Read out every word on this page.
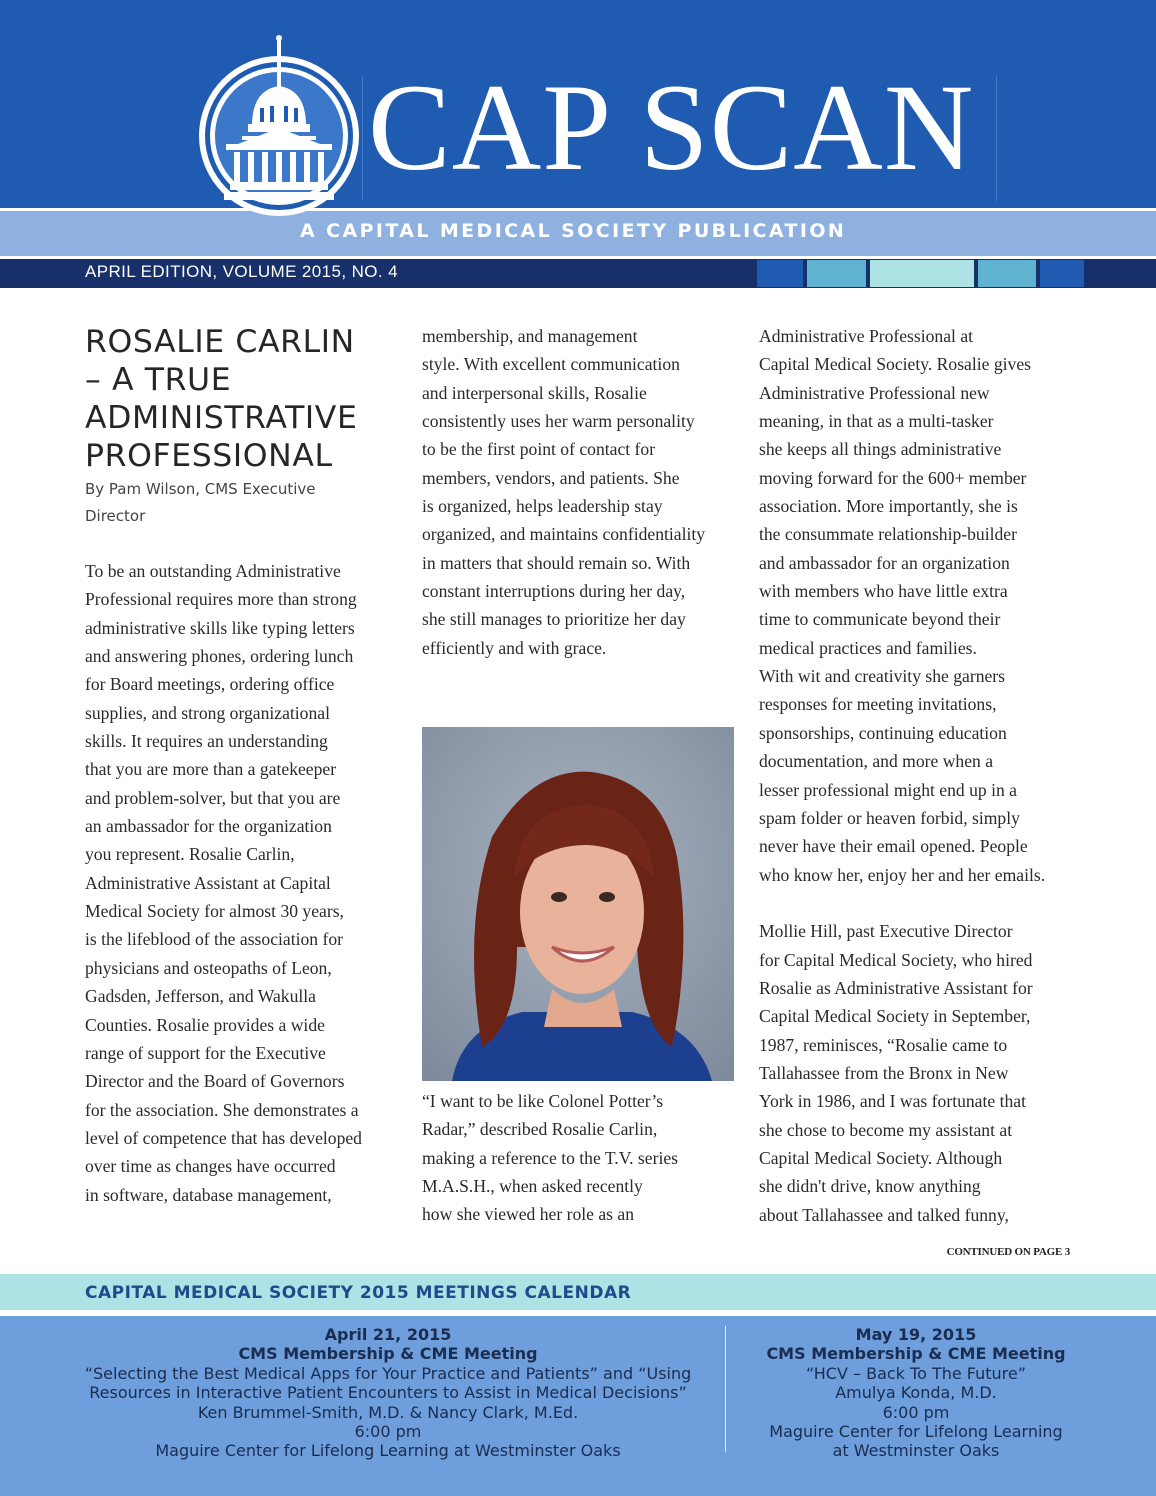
CAP SCAN
A CAPITAL MEDICAL SOCIETY PUBLICATION
APRIL EDITION, VOLUME 2015, NO. 4
ROSALIE CARLIN
– A TRUE
ADMINISTRATIVE
PROFESSIONAL
By Pam Wilson, CMS Executive
Director
To be an outstanding Administrative
Professional requires more than strong
administrative skills like typing letters
and answering phones, ordering lunch
for Board meetings, ordering office
supplies, and strong organizational
skills. It requires an understanding
that you are more than a gatekeeper
and problem-solver, but that you are
an ambassador for the organization
you represent. Rosalie Carlin,
Administrative Assistant at Capital
Medical Society for almost 30 years,
is the lifeblood of the association for
physicians and osteopaths of Leon,
Gadsden, Jefferson, and Wakulla
Counties. Rosalie provides a wide
range of support for the Executive
Director and the Board of Governors
for the association. She demonstrates a
level of competence that has developed
over time as changes have occurred
in software, database management,
membership, and management
style. With excellent communication
and interpersonal skills, Rosalie
consistently uses her warm personality
to be the first point of contact for
members, vendors, and patients. She
is organized, helps leadership stay
organized, and maintains confidentiality
in matters that should remain so. With
constant interruptions during her day,
she still manages to prioritize her day
efficiently and with grace.
“I want to be like Colonel Potter’s
Radar,” described Rosalie Carlin,
making a reference to the T.V. series
M.A.S.H., when asked recently
how she viewed her role as an
Administrative Professional at
Capital Medical Society. Rosalie gives
Administrative Professional new
meaning, in that as a multi-tasker
she keeps all things administrative
moving forward for the 600+ member
association. More importantly, she is
the consummate relationship-builder
and ambassador for an organization
with members who have little extra
time to communicate beyond their
medical practices and families.
With wit and creativity she garners
responses for meeting invitations,
sponsorships, continuing education
documentation, and more when a
lesser professional might end up in a
spam folder or heaven forbid, simply
never have their email opened. People
who know her, enjoy her and her emails.
Mollie Hill, past Executive Director
for Capital Medical Society, who hired
Rosalie as Administrative Assistant for
Capital Medical Society in September,
1987, reminisces, “Rosalie came to
Tallahassee from the Bronx in New
York in 1986, and I was fortunate that
she chose to become my assistant at
Capital Medical Society. Although
she didn't drive, know anything
about Tallahassee and talked funny,
CONTINUED ON PAGE 3
CAPITAL MEDICAL SOCIETY 2015 MEETINGS CALENDAR
April 21, 2015
CMS Membership & CME Meeting
“Selecting the Best Medical Apps for Your Practice and Patients” and “Using
Resources in Interactive Patient Encounters to Assist in Medical Decisions”
Ken Brummel-Smith, M.D. & Nancy Clark, M.Ed.
6:00 pm
Maguire Center for Lifelong Learning at Westminster Oaks
May 19, 2015
CMS Membership & CME Meeting
“HCV – Back To The Future”
Amulya Konda, M.D.
6:00 pm
Maguire Center for Lifelong Learning
at Westminster Oaks
